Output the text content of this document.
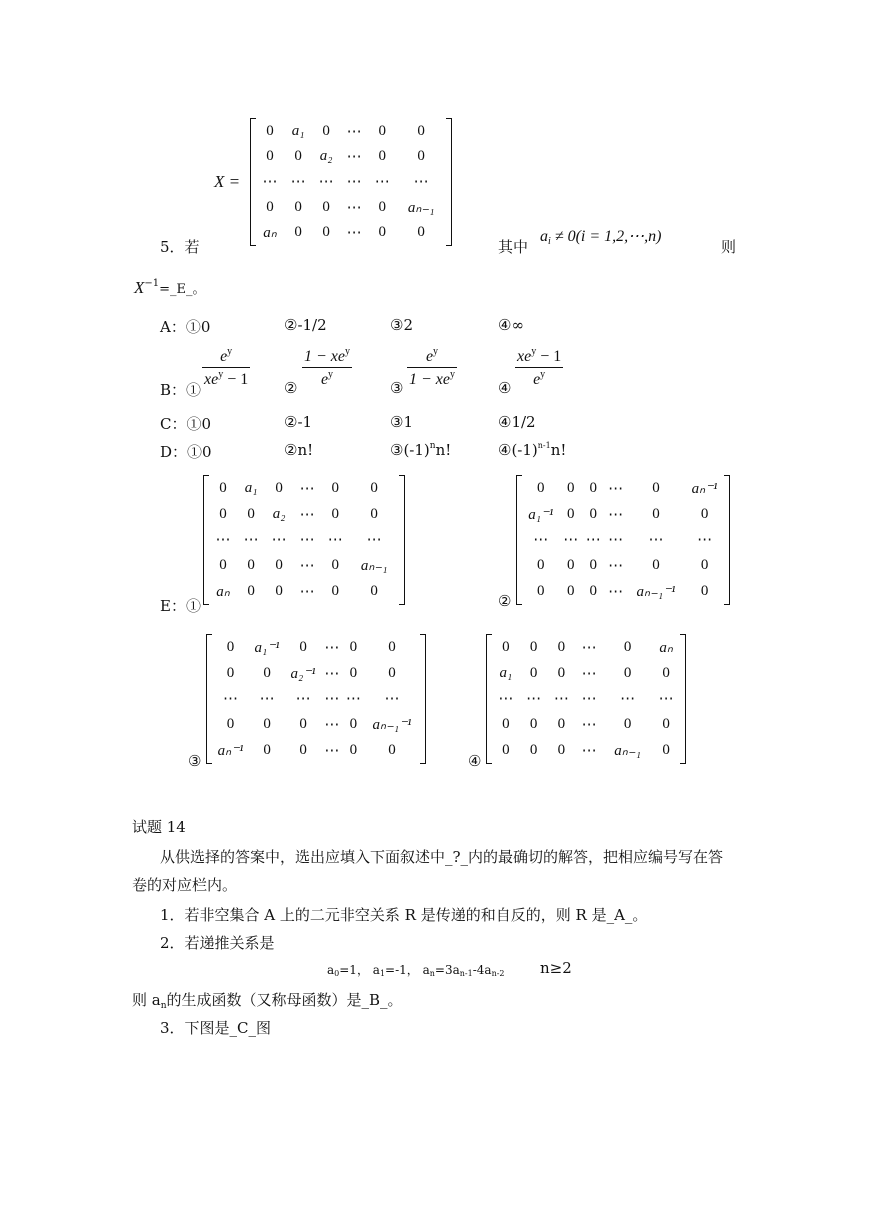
X =
0	a₁	0	⋯	0	0
0	0	a₂	⋯	0	0
⋯	⋯	⋯	⋯	⋯	⋯
0	0	0	⋯	0	aₙ₋₁
aₙ	0	0	⋯	0	0
5．若	其中
$a_i \ne 0(i$ = 1,2,⋯,n)
则
$X^{-1}=\_E\_$。
A：①0	②-1/2	③2	④∞
B：①
$e^y$
$xe^y - 1$ ②
$1 - xe^y$
$e^y$
③
$e^y$
$1 - xe^y$
④
$xe^y - 1$
$e^y$
C：①0	②-1	③1	④1/2
D：①0	②n!	$③(-1)^nn$!	$④(-1)^{n-1}n$!
E：①
0	a₁	0	⋯	0	0
0	0	a₂	⋯	0	0
⋯	⋯	⋯	⋯	⋯	⋯
0	0	0	⋯	0	aₙ₋₁
aₙ	0	0	⋯	0	0
②
0	0	0	⋯	0	aₙ⁻¹
a₁⁻¹	0	0	⋯	0	0
⋯	⋯	⋯	⋯	⋯	⋯
0	0	0	⋯	0	0
0	0	0	⋯	aₙ₋₁⁻¹	0
③
0	a₁⁻¹	0	⋯	0	0
0	0	a₂⁻¹	⋯	0	0
⋯	⋯	⋯	⋯	⋯	⋯
0	0	0	⋯	0	aₙ₋₁⁻¹
aₙ⁻¹	0	0	⋯	0	0
④
0	0	0	⋯	0	aₙ
a₁	0	0	⋯	0	0
⋯	⋯	⋯	⋯	⋯	⋯
0	0	0	⋯	0	0
0	0	0	⋯	aₙ₋₁	0
试题 14
从供选择的答案中，选出应填入下面叙述中_?_内的最确切的解答，把相应编号写在答
卷的对应栏内。
1．若非空集合 A 上的二元非空关系 R 是传递的和自反的，则 R 是_A_。
2．若递推关系是
a0=1， a1=-1， an=3an-1-4an-2 n≥2
则 $a_n$的生成函数（又称母函数）是_B_。
3．下图是_C_图
